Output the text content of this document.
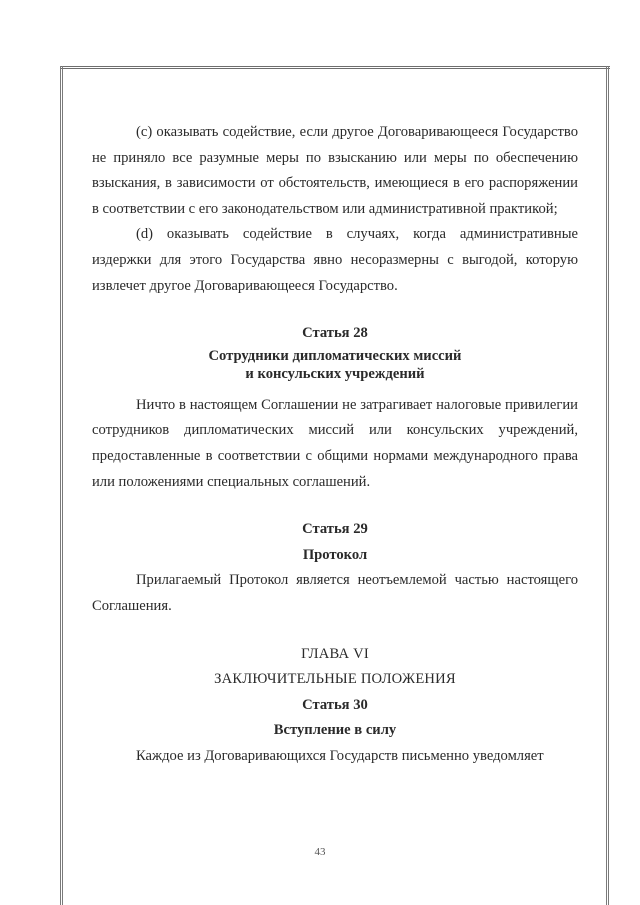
(c) оказывать содействие, если другое Договаривающееся Государство не приняло все разумные меры по взысканию или меры по обеспечению взыскания, в зависимости от обстоятельств, имеющиеся в его распоряжении в соответствии с его законодательством или административной практикой;

(d) оказывать содействие в случаях, когда административные издержки для этого Государства явно несоразмерны с выгодой, которую извлечет другое Договаривающееся Государство.

Статья 28

Сотрудники дипломатических миссий

и консульских учреждений

Ничто в настоящем Соглашении не затрагивает налоговые привилегии сотрудников дипломатических миссий или консульских учреждений, предоставленные в соответствии с общими нормами международного права или положениями специальных соглашений.

Статья 29

Протокол

Прилагаемый Протокол является неотъемлемой частью настоящего Соглашения.

ГЛАВА VI

ЗАКЛЮЧИТЕЛЬНЫЕ ПОЛОЖЕНИЯ

Статья 30

Вступление в силу

Каждое из Договаривающихся Государств письменно уведомляет

43
